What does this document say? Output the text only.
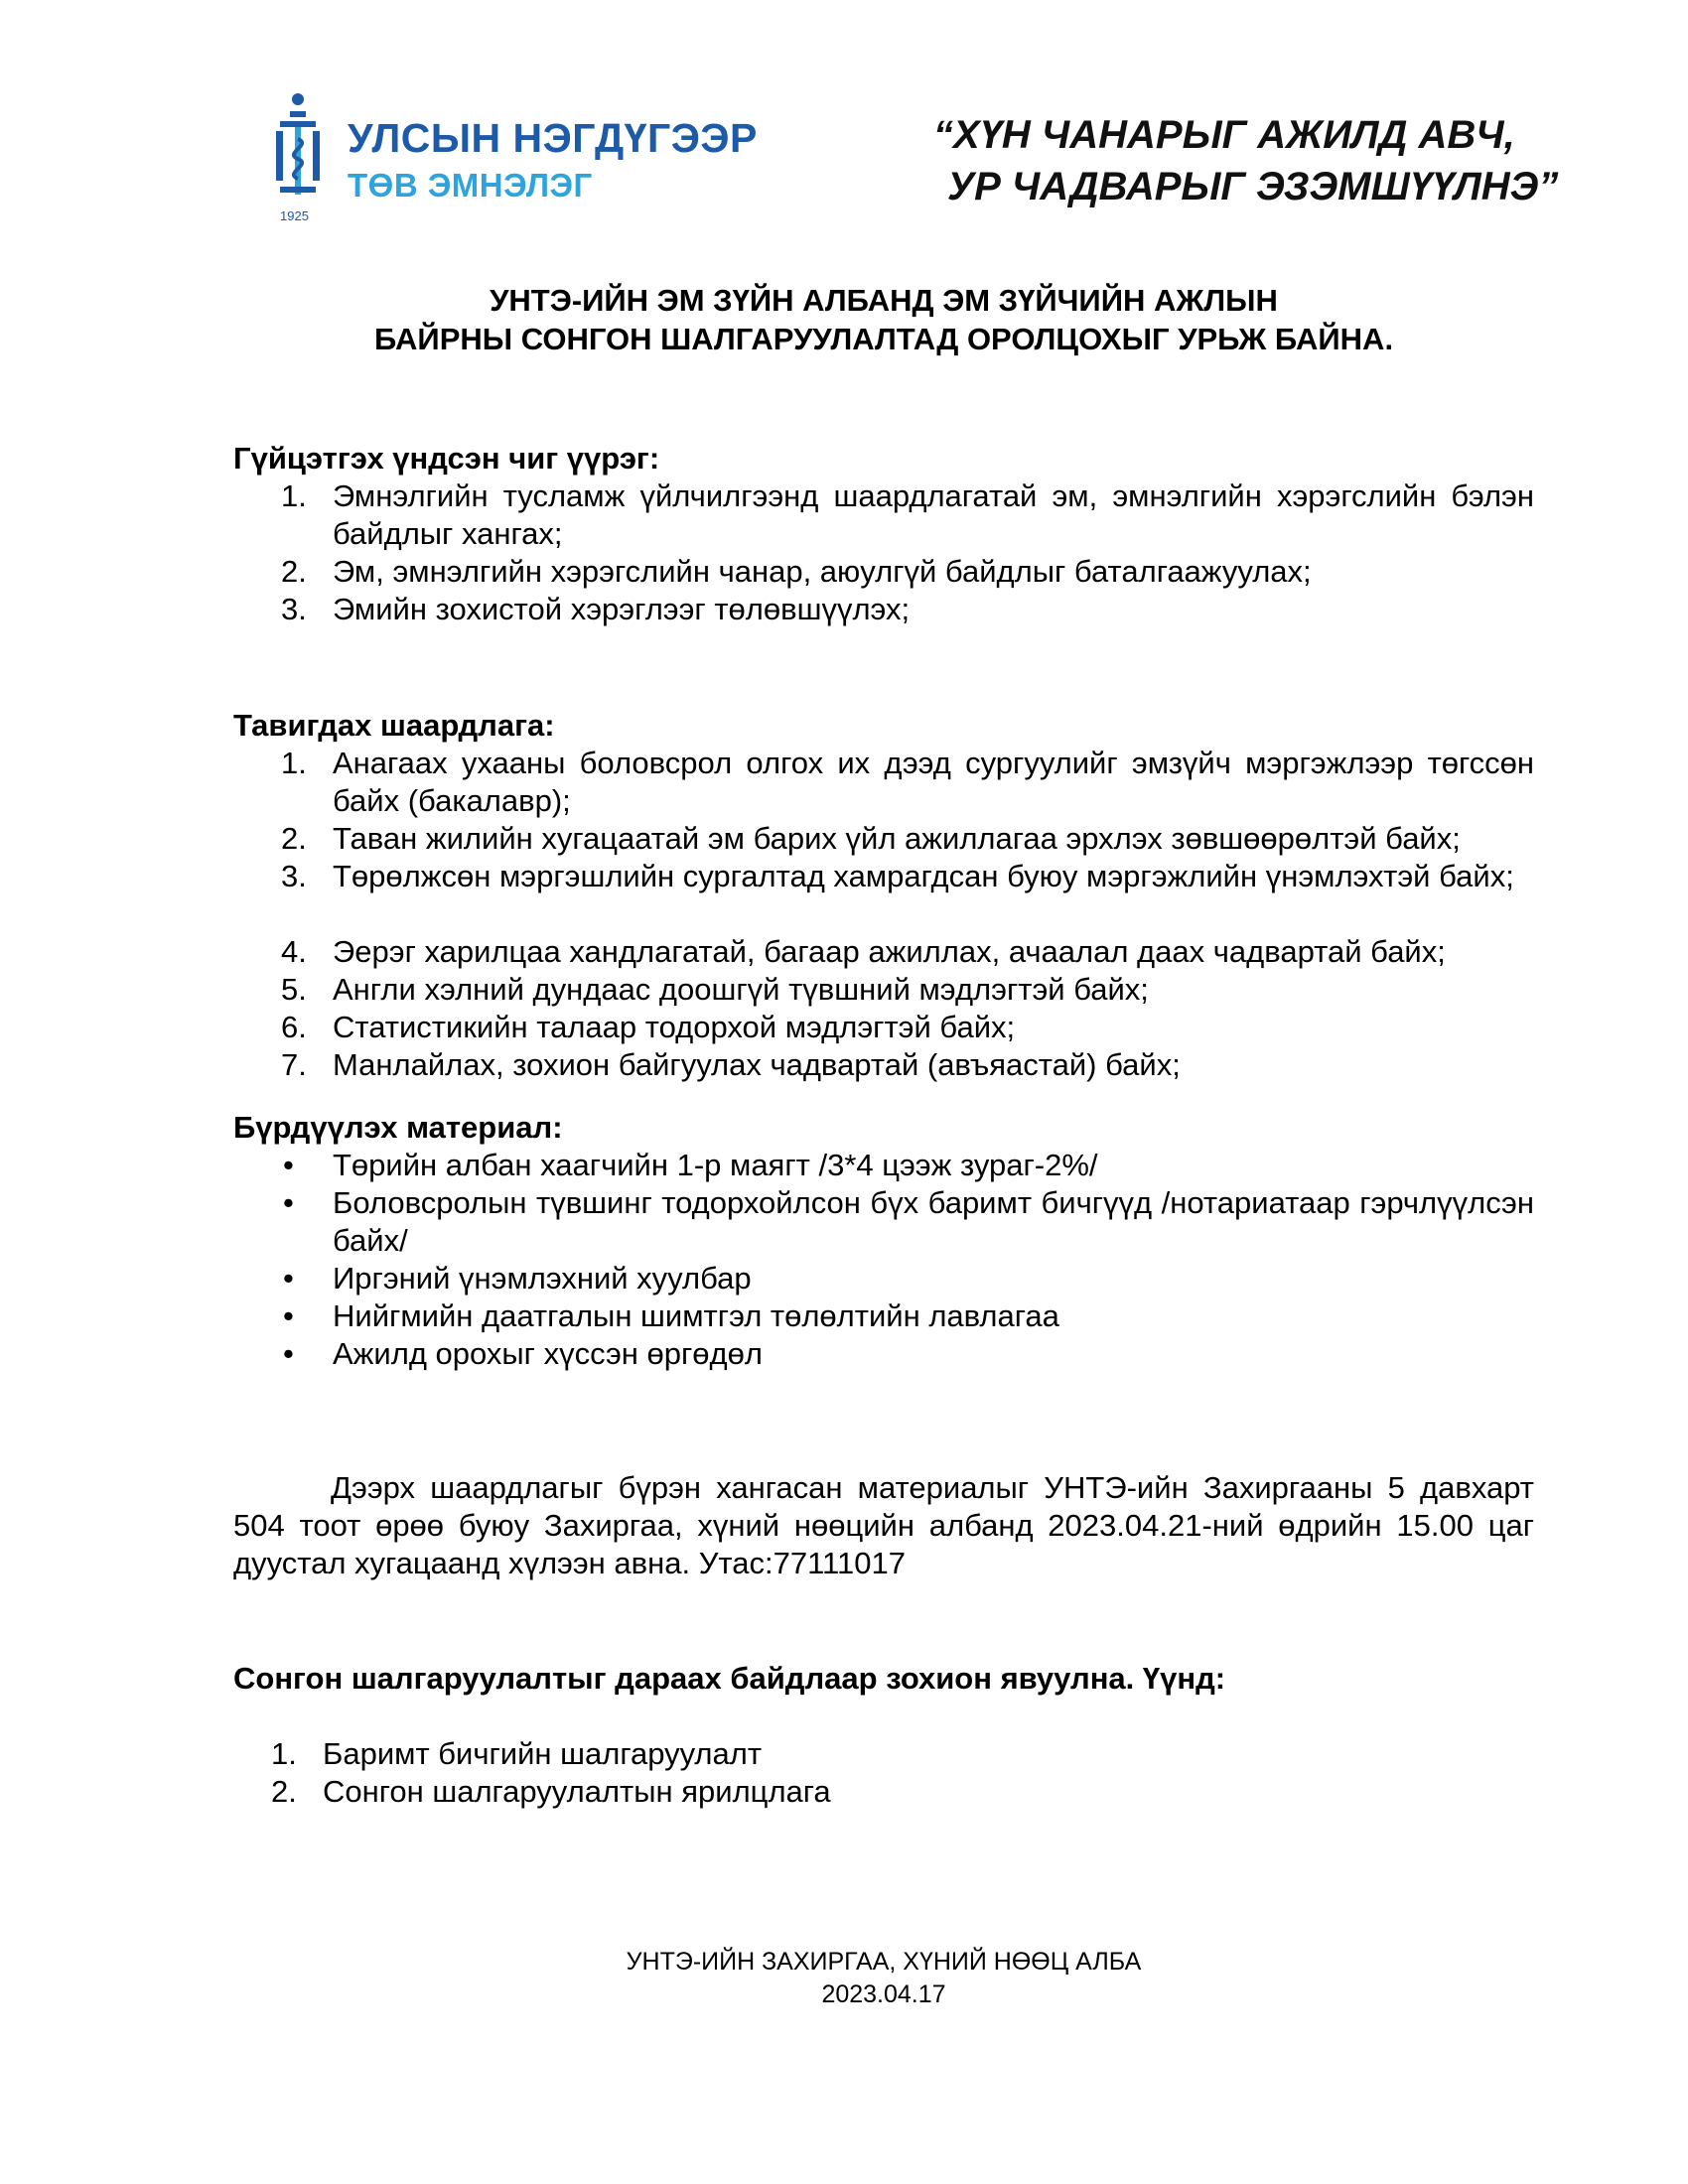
УЛСЫН НЭГДҮГЭЭР
ТӨВ ЭМНЭЛЭГ
1925
“ХҮН ЧАНАРЫГ АЖИЛД АВЧ,
УР ЧАДВАРЫГ ЭЗЭМШҮҮЛНЭ”
УНТЭ-ИЙН ЭМ ЗҮЙН АЛБАНД ЭМ ЗҮЙЧИЙН АЖЛЫН
БАЙРНЫ СОНГОН ШАЛГАРУУЛАЛТАД ОРОЛЦОХЫГ УРЬЖ БАЙНА.
Гүйцэтгэх үндсэн чиг үүрэг:
1. Эмнэлгийн тусламж үйлчилгээнд шаардлагатай эм, эмнэлгийн хэрэгслийн бэлэн байдлыг хангах;
2. Эм, эмнэлгийн хэрэгслийн чанар, аюулгүй байдлыг баталгаажуулах;
3. Эмийн зохистой хэрэглээг төлөвшүүлэх;
Тавигдах шаардлага:
1. Анагаах ухааны боловсрол олгох их дээд сургуулийг эмзүйч мэргэжлээр төгссөн байх (бакалавр);
2. Таван жилийн хугацаатай эм барих үйл ажиллагаа эрхлэх зөвшөөрөлтэй байх;
3. Төрөлжсөн мэргэшлийн сургалтад хамрагдсан буюу мэргэжлийн үнэмлэхтэй байх;
4. Эерэг харилцаа хандлагатай, багаар ажиллах, ачаалал даах чадвартай байх;
5. Англи хэлний дундаас доошгүй түвшний мэдлэгтэй байх;
6. Статистикийн талаар тодорхой мэдлэгтэй байх;
7. Манлайлах, зохион байгуулах чадвартай (авъяастай) байх;
Бүрдүүлэх материал:
• Төрийн албан хаагчийн 1-р маягт /3*4 цээж зураг-2%/
• Боловсролын түвшинг тодорхойлсон бүх баримт бичгүүд /нотариатаар гэрчлүүлсэн байх/
• Иргэний үнэмлэхний хуулбар
• Нийгмийн даатгалын шимтгэл төлөлтийн лавлагаа
• Ажилд орохыг хүссэн өргөдөл
Дээрх шаардлагыг бүрэн хангасан материалыг УНТЭ-ийн Захиргааны 5 давхарт 504 тоот өрөө буюу Захиргаа, хүний нөөцийн албанд 2023.04.21-ний өдрийн 15.00 цаг дуустал хугацаанд хүлээн авна. Утас:77111017
Сонгон шалгаруулалтыг дараах байдлаар зохион явуулна. Үүнд:
1. Баримт бичгийн шалгаруулалт
2. Сонгон шалгаруулалтын ярилцлага
УНТЭ-ИЙН ЗАХИРГАА, ХҮНИЙ НӨӨЦ АЛБА
2023.04.17
